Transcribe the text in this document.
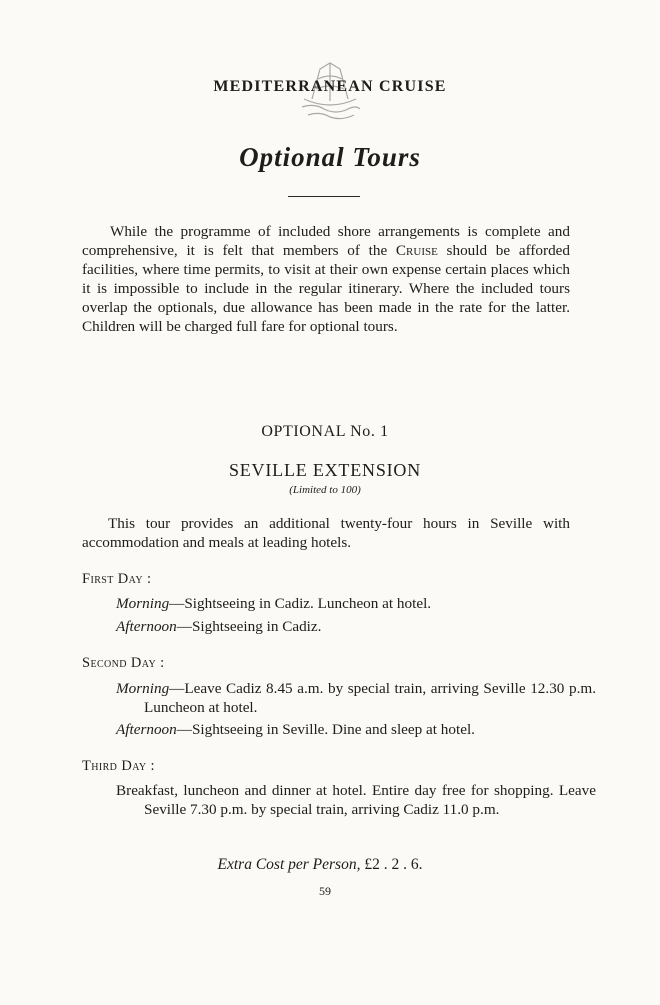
MEDITERRANEAN CRUISE
Optional Tours

While the programme of included shore arrangements is complete and comprehensive, it is felt that members of the Cruise should be afforded facilities, where time permits, to visit at their own expense certain places which it is impossible to include in the regular itinerary. Where the included tours overlap the optionals, due allowance has been made in the rate for the latter. Children will be charged full fare for optional tours.

OPTIONAL No. 1
SEVILLE EXTENSION
(Limited to 100)

This tour provides an additional twenty-four hours in Seville with accommodation and meals at leading hotels.

First Day :

Morning—Sightseeing in Cadiz. Luncheon at hotel.

Afternoon—Sightseeing in Cadiz.

Second Day :

Morning—Leave Cadiz 8.45 a.m. by special train, arriving Seville 12.30 p.m. Luncheon at hotel.

Afternoon—Sightseeing in Seville. Dine and sleep at hotel.

Third Day :

Breakfast, luncheon and dinner at hotel. Entire day free for shopping. Leave Seville 7.30 p.m. by special train, arriving Cadiz 11.0 p.m.

Extra Cost per Person, £2 . 2 . 6.
59
